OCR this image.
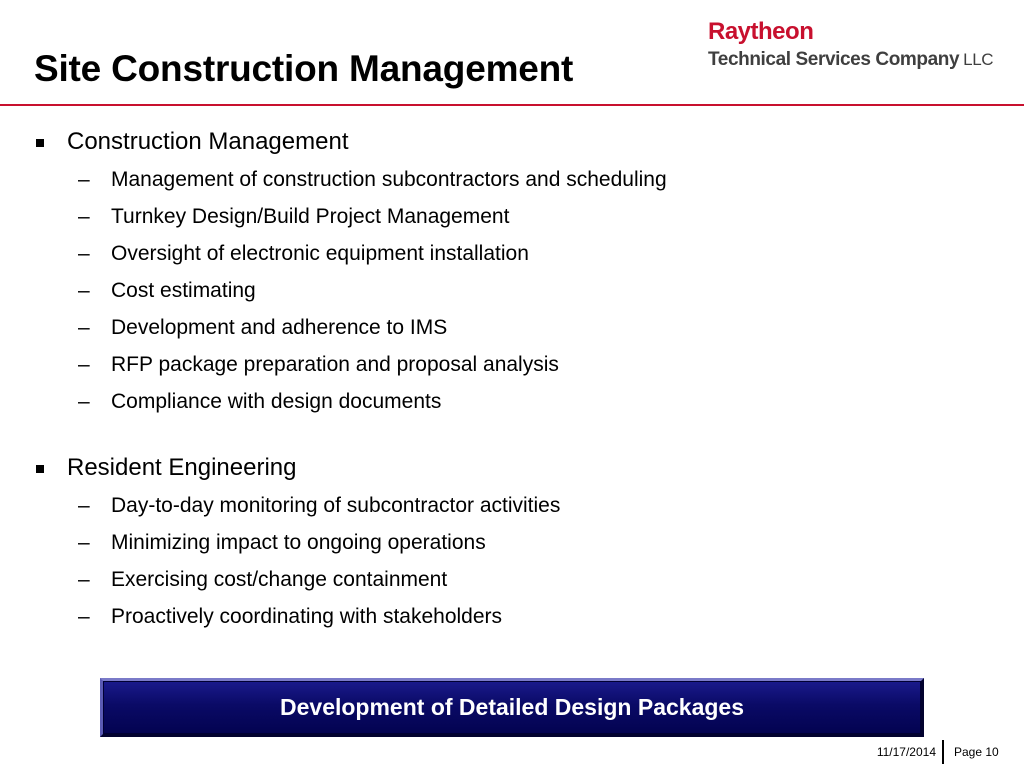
Site Construction Management
Raytheon
Technical Services Company LLC
Construction Management
– Management of construction subcontractors and scheduling
– Turnkey Design/Build Project Management
– Oversight of electronic equipment installation
– Cost estimating
– Development and adherence to IMS
– RFP package preparation and proposal analysis
– Compliance with design documents
Resident Engineering
– Day-to-day monitoring of subcontractor activities
– Minimizing impact to ongoing operations
– Exercising cost/change containment
– Proactively coordinating with stakeholders
Development of Detailed Design Packages
11/17/2014 Page 10
